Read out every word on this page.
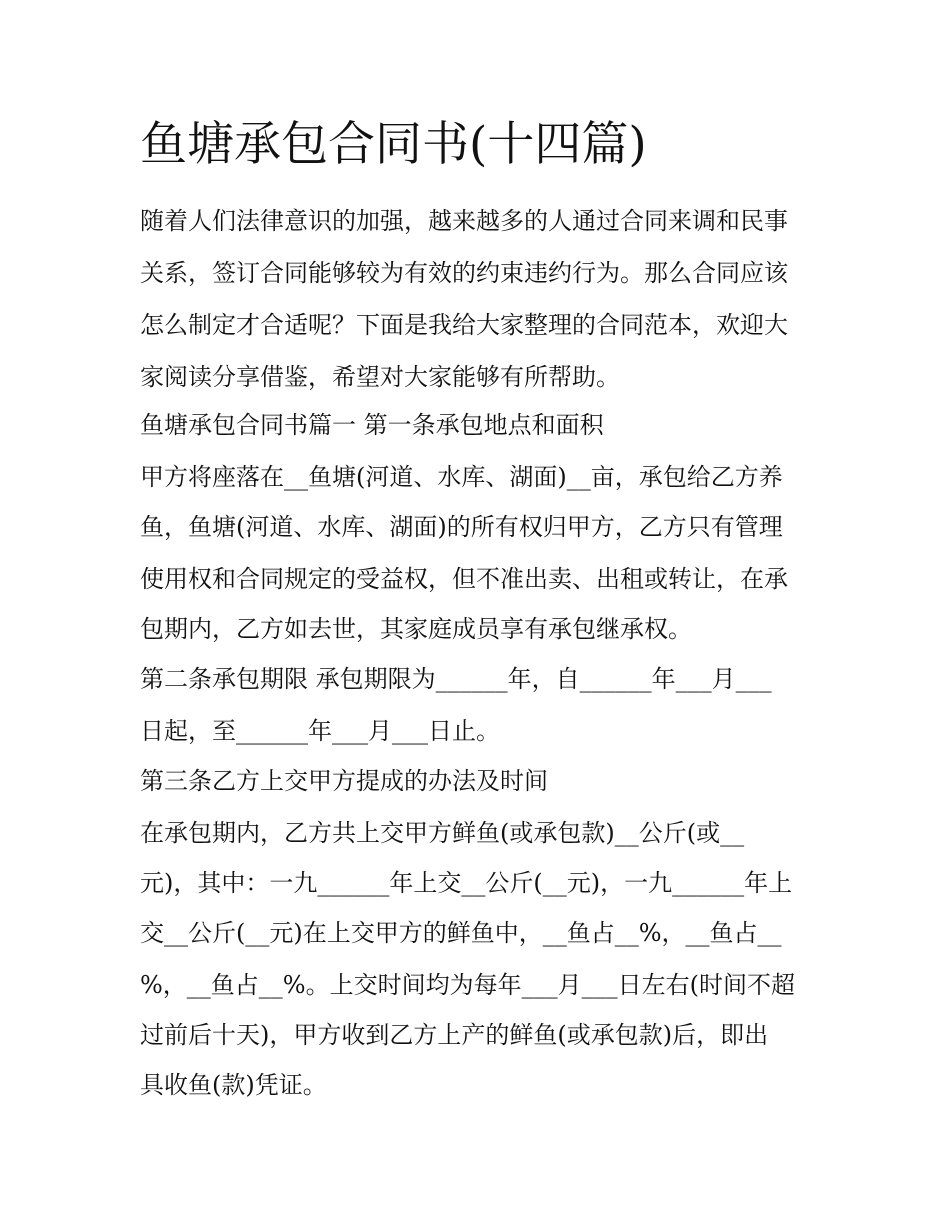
鱼塘承包合同书(十四篇)
随着人们法律意识的加强，越来越多的人通过合同来调和民事
关系，签订合同能够较为有效的约束违约行为。那么合同应该
怎么制定才合适呢？下面是我给大家整理的合同范本，欢迎大
家阅读分享借鉴，希望对大家能够有所帮助。
鱼塘承包合同书篇一 第一条承包地点和面积
甲方将座落在__鱼塘(河道、水库、湖面)__亩，承包给乙方养
鱼，鱼塘(河道、水库、湖面)的所有权归甲方，乙方只有管理
使用权和合同规定的受益权，但不准出卖、出租或转让，在承
包期内，乙方如去世，其家庭成员享有承包继承权。
第二条承包期限 承包期限为______年，自______年___月___
日起，至______年___月___日止。
第三条乙方上交甲方提成的办法及时间
在承包期内，乙方共上交甲方鲜鱼(或承包款)__公斤(或__
元)，其中：一九______年上交__公斤(__元)，一九______年上
交__公斤(__元)在上交甲方的鲜鱼中，__鱼占__%，__鱼占__
%，__鱼占__%。上交时间均为每年___月___日左右(时间不超
过前后十天)，甲方收到乙方上产的鲜鱼(或承包款)后，即出
具收鱼(款)凭证。
